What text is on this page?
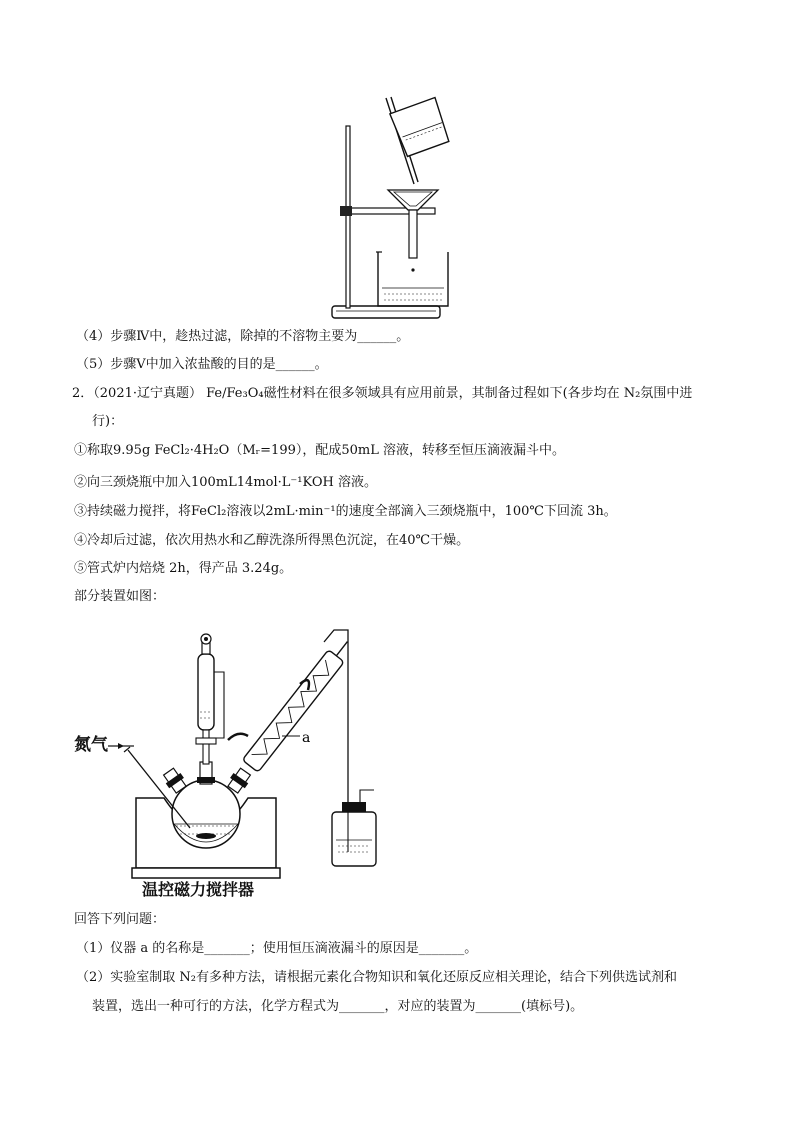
（4）步骤Ⅳ中，趁热过滤，除掉的不溶物主要为______。
（5）步骤Ⅴ中加入浓盐酸的目的是______。
2．（2021·辽宁真题） Fe/Fe₃O₄磁性材料在很多领域具有应用前景，其制备过程如下(各步均在 N₂氛围中进
行)：
①称取9.95g FeCl₂·4H₂O（Mᵣ=199），配成50mL 溶液，转移至恒压滴液漏斗中。
②向三颈烧瓶中加入100mL14mol·L⁻¹KOH 溶液。
③持续磁力搅拌，将FeCl₂溶液以2mL·min⁻¹的速度全部滴入三颈烧瓶中，100℃下回流 3h。
④冷却后过滤，依次用热水和乙醇洗涤所得黑色沉淀，在40℃干燥。
⑤管式炉内焙烧 2h，得产品 3.24g。
部分装置如图：
a
氮气
温控磁力搅拌器
回答下列问题：
（1）仪器 a 的名称是_______；使用恒压滴液漏斗的原因是_______。
（2）实验室制取 N₂有多种方法，请根据元素化合物知识和氧化还原反应相关理论，结合下列供选试剂和
装置，选出一种可行的方法，化学方程式为_______，对应的装置为_______(填标号)。
